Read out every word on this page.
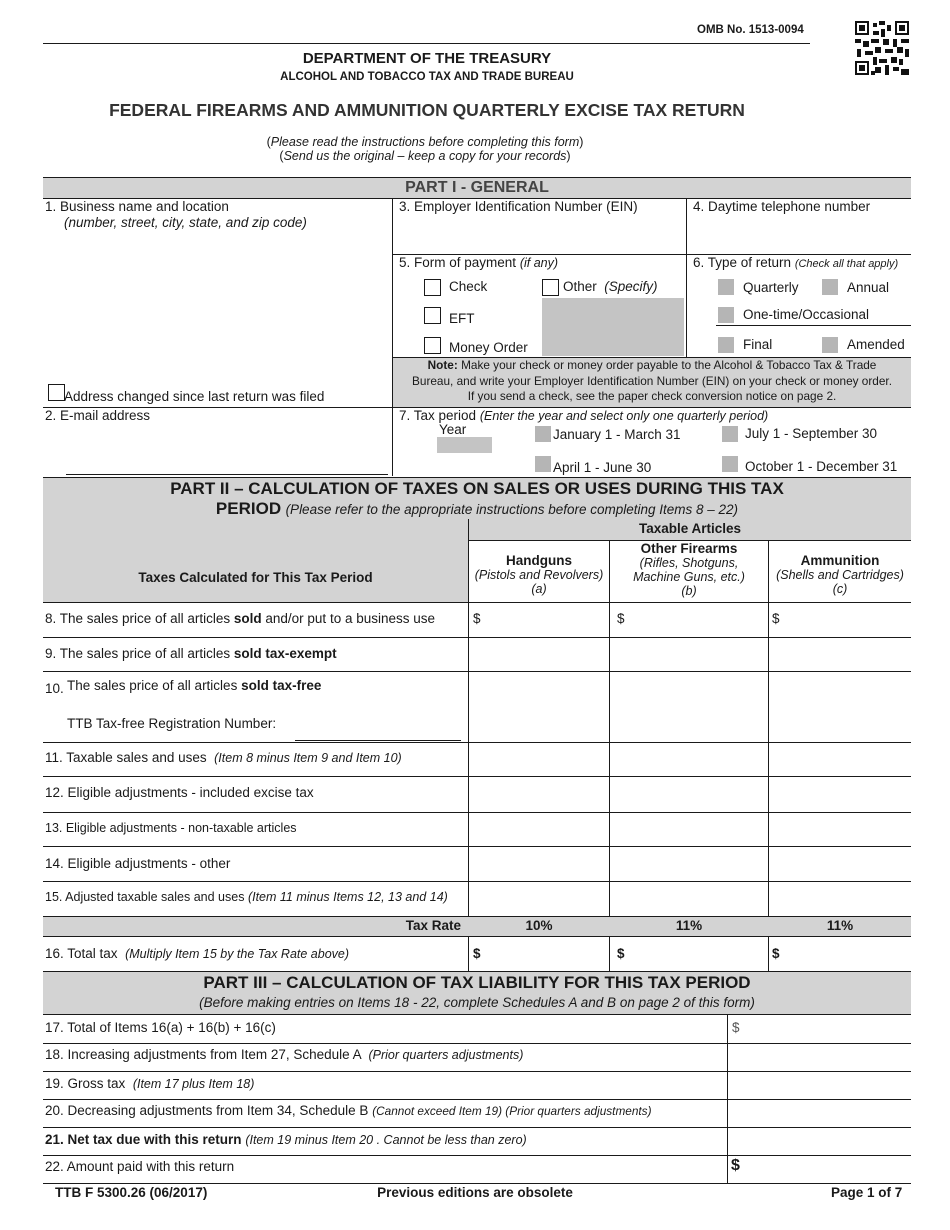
OMB No. 1513-0094
DEPARTMENT OF THE TREASURY
ALCOHOL AND TOBACCO TAX AND TRADE BUREAU
FEDERAL FIREARMS AND AMMUNITION QUARTERLY EXCISE TAX RETURN
(Please read the instructions before completing this form)
(Send us the original – keep a copy for your records)
PART I - GENERAL
1. Business name and location
(number, street, city, state, and zip code)
3. Employer Identification Number (EIN)	4. Daytime telephone number
5. Form of payment (if any)
Check	Other (Specify)
EFT
Money Order
6. Type of return (Check all that apply)
Quarterly	Annual
One-time/Occasional
Final	Amended
Note: Make your check or money order payable to the Alcohol & Tobacco Tax & Trade
Bureau, and write your Employer Identification Number (EIN) on your check or money order.
If you send a check, see the paper check conversion notice on page 2.
Address changed since last return was filed
2. E-mail address	7. Tax period (Enter the year and select only one quarterly period)
Year	January 1 - March 31	July 1 - September 30
April 1 - June 30	October 1 - December 31
PART II – CALCULATION OF TAXES ON SALES OR USES DURING THIS TAX
PERIOD (Please refer to the appropriate instructions before completing Items 8 – 22)
Taxes Calculated for This Tax Period
Taxable Articles
Handguns
(Pistols and Revolvers)
(a)
Other Firearms
(Rifles, Shotguns,
Machine Guns, etc.)
(b)
Ammunition
(Shells and Cartridges)
(c)
8. The sales price of all articles sold and/or put to a business use	$	$	$
9. The sales price of all articles sold tax-exempt
10. The sales price of all articles sold tax-free
TTB Tax-free Registration Number:
11. Taxable sales and uses (Item 8 minus Item 9 and Item 10)
12. Eligible adjustments - included excise tax
13. Eligible adjustments - non-taxable articles
14. Eligible adjustments - other
15. Adjusted taxable sales and uses (Item 11 minus Items 12, 13 and 14)
Tax Rate	10%	11%	11%
16. Total tax (Multiply Item 15 by the Tax Rate above)	$	$	$
PART III – CALCULATION OF TAX LIABILITY FOR THIS TAX PERIOD
(Before making entries on Items 18 - 22, complete Schedules A and B on page 2 of this form)
17. Total of Items 16(a) + 16(b) + 16(c)	$
18. Increasing adjustments from Item 27, Schedule A (Prior quarters adjustments)
19. Gross tax (Item 17 plus Item 18)
20. Decreasing adjustments from Item 34, Schedule B (Cannot exceed Item 19) (Prior quarters adjustments)
21. Net tax due with this return (Item 19 minus Item 20 . Cannot be less than zero)
22. Amount paid with this return	$
TTB F 5300.26 (06/2017)	Previous editions are obsolete	Page 1 of 7
